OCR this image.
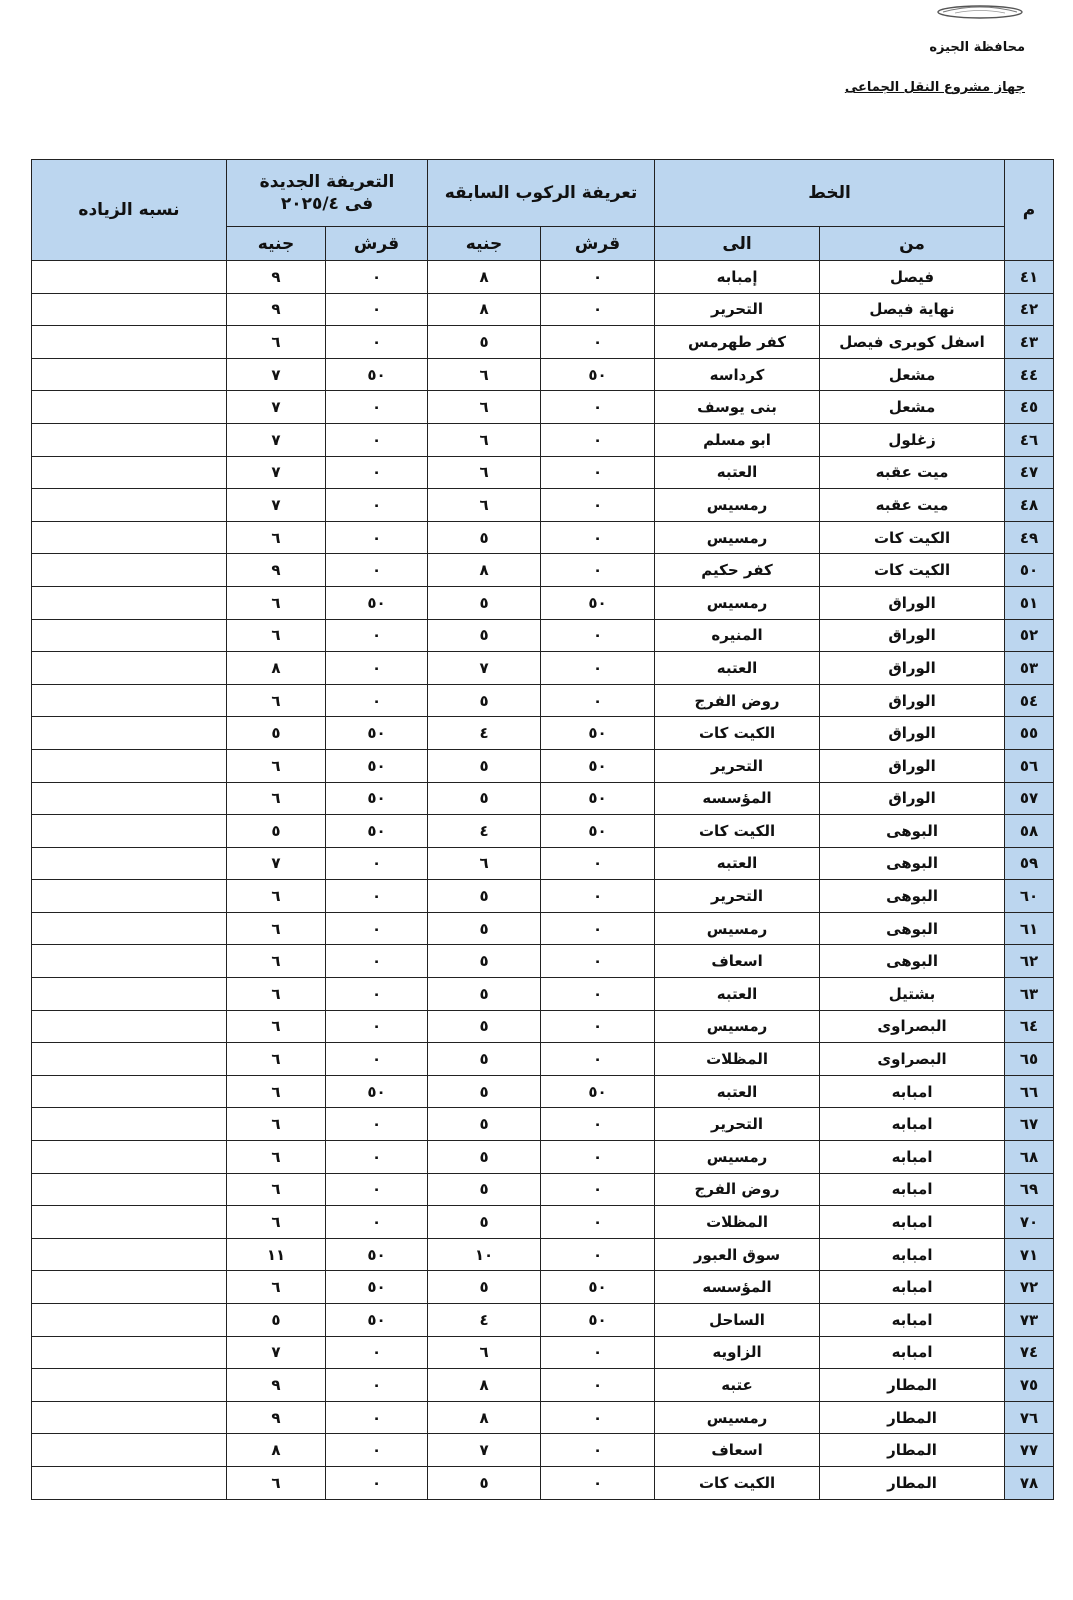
محافظة الجيزه
جهاز مشروع النقل الجماعى
م	الخط		تعريفة الركوب السابقه		التعريفة الجديدة
فى ٢٠٢٥/٤		نسبه الزياده
	من	الى	قرش	جنيه	قرش	جنيه	
٤١	فيصل	إمبابه	٠	٨	٠	٩	
٤٢	نهاية فيصل	التحرير	٠	٨	٠	٩	
٤٣	اسفل كوبرى فيصل	كفر طهرمس	٠	٥	٠	٦	
٤٤	مشعل	كرداسه	٥٠	٦	٥٠	٧	
٤٥	مشعل	بنى يوسف	٠	٦	٠	٧	
٤٦	زغلول	ابو مسلم	٠	٦	٠	٧	
٤٧	ميت عقبه	العتبه	٠	٦	٠	٧	
٤٨	ميت عقبه	رمسيس	٠	٦	٠	٧	
٤٩	الكيت كات	رمسيس	٠	٥	٠	٦	
٥٠	الكيت كات	كفر حكيم	٠	٨	٠	٩	
٥١	الوراق	رمسيس	٥٠	٥	٥٠	٦	
٥٢	الوراق	المنيره	٠	٥	٠	٦	
٥٣	الوراق	العتبه	٠	٧	٠	٨	
٥٤	الوراق	روض الفرج	٠	٥	٠	٦	
٥٥	الوراق	الكيت كات	٥٠	٤	٥٠	٥	
٥٦	الوراق	التحرير	٥٠	٥	٥٠	٦	
٥٧	الوراق	المؤسسه	٥٠	٥	٥٠	٦	
٥٨	البوهى	الكيت كات	٥٠	٤	٥٠	٥	
٥٩	البوهى	العتبه	٠	٦	٠	٧	
٦٠	البوهى	التحرير	٠	٥	٠	٦	
٦١	البوهى	رمسيس	٠	٥	٠	٦	
٦٢	البوهى	اسعاف	٠	٥	٠	٦	
٦٣	بشتيل	العتبه	٠	٥	٠	٦	
٦٤	البصراوى	رمسيس	٠	٥	٠	٦	
٦٥	البصراوى	المظلات	٠	٥	٠	٦	
٦٦	امبابه	العتبه	٥٠	٥	٥٠	٦	
٦٧	امبابه	التحرير	٠	٥	٠	٦	
٦٨	امبابه	رمسيس	٠	٥	٠	٦	
٦٩	امبابه	روض الفرج	٠	٥	٠	٦	
٧٠	امبابه	المظلات	٠	٥	٠	٦	
٧١	امبابه	سوق العبور	٠	١٠	٥٠	١١	
٧٢	امبابه	المؤسسه	٥٠	٥	٥٠	٦	
٧٣	امبابه	الساحل	٥٠	٤	٥٠	٥	
٧٤	امبابه	الزاويه	٠	٦	٠	٧	
٧٥	المطار	عتبه	٠	٨	٠	٩	
٧٦	المطار	رمسيس	٠	٨	٠	٩	
٧٧	المطار	اسعاف	٠	٧	٠	٨	
٧٨	المطار	الكيت كات	٠	٥	٠	٦	
